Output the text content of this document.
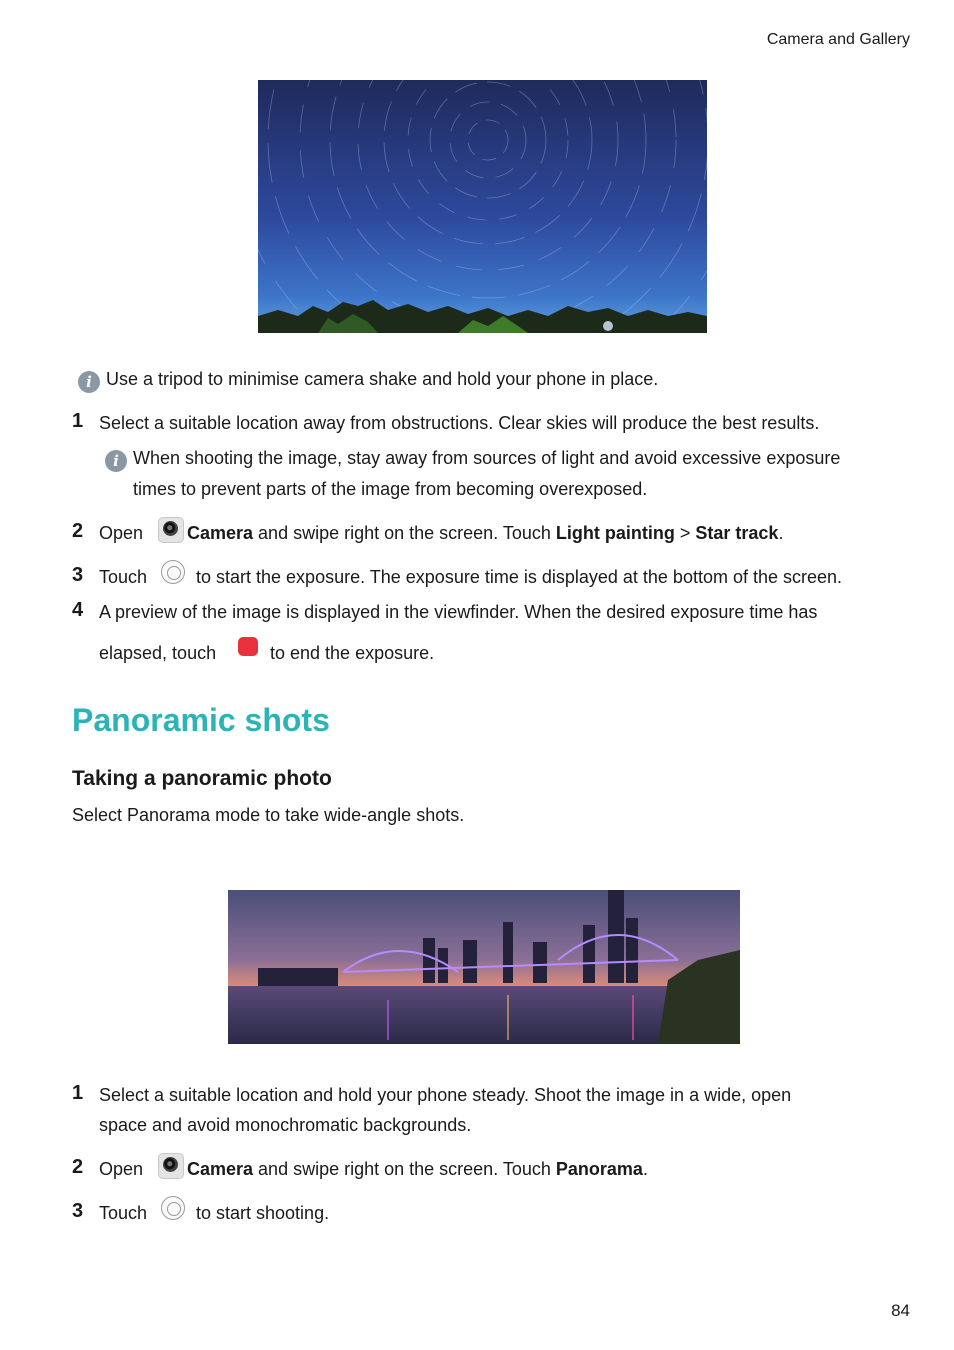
Camera and Gallery
i Use a tripod to minimise camera shake and hold your phone in place.
1 Select a suitable location away from obstructions. Clear skies will produce the best results.
i When shooting the image, stay away from sources of light and avoid excessive exposure
times to prevent parts of the image from becoming overexposed.
2 Open Camera and swipe right on the screen. Touch Light painting > Star track.
3 Touch	to start the exposure. The exposure time is displayed at the bottom of the screen.
4 A preview of the image is displayed in the viewfinder. When the desired exposure time has
elapsed, touch	to end the exposure.
Panoramic shots
Taking a panoramic photo
Select Panorama mode to take wide-angle shots.
1 Select a suitable location and hold your phone steady. Shoot the image in a wide, open
space and avoid monochromatic backgrounds.
2 Open Camera and swipe right on the screen. Touch Panorama.
3 Touch	to start shooting.
84
